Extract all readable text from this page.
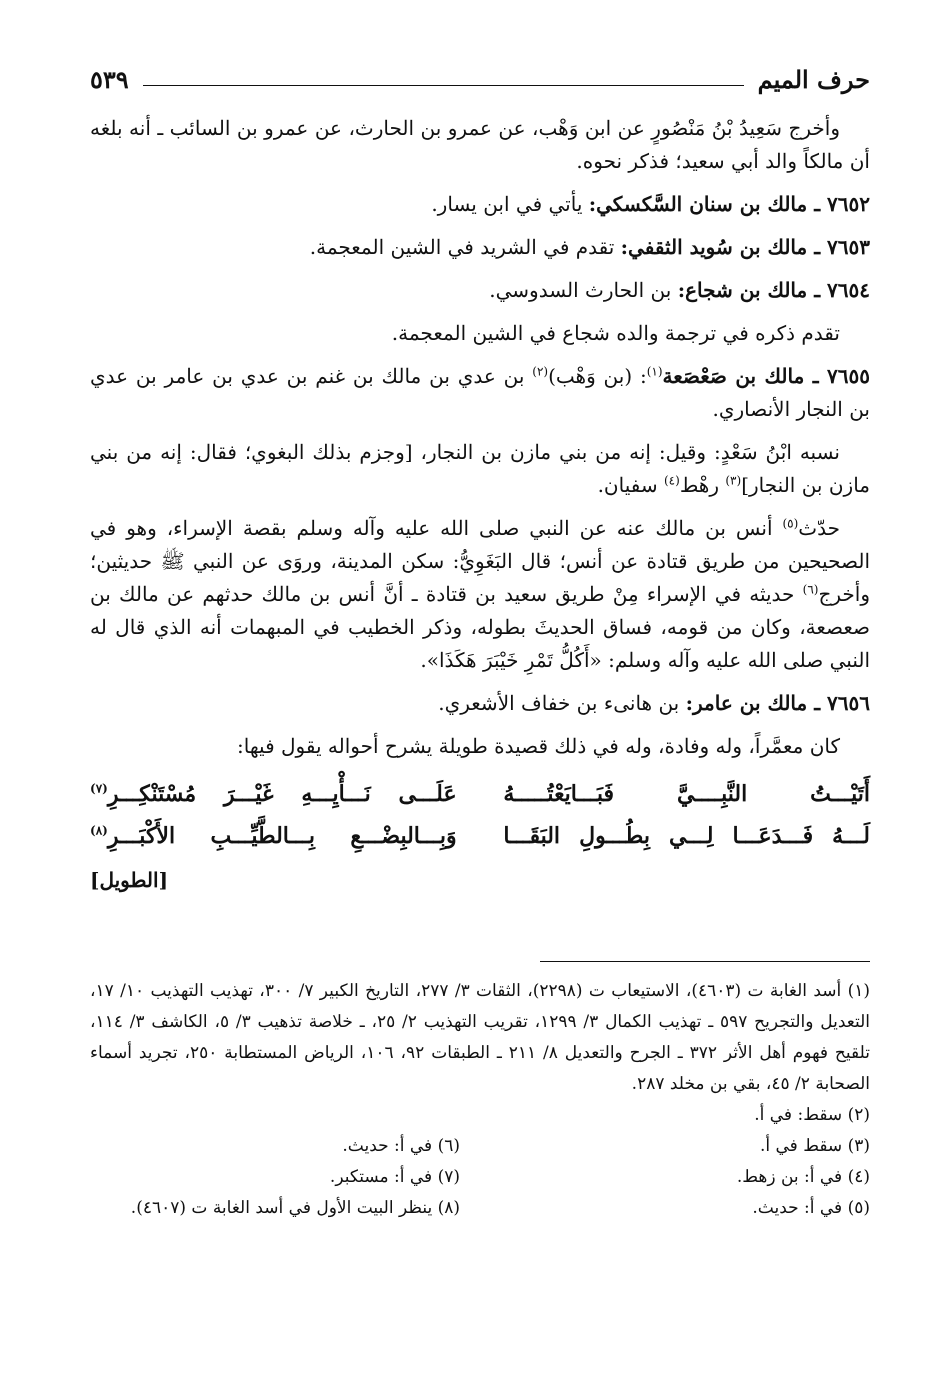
حرف الميم
٥٣٩

وأخرج سَعِيدُ بْنُ مَنْصُورٍ عن ابن وَهْب، عن عمرو بن الحارث، عن عمرو بن السائب ـ أنه بلغه أن مالكاً والد أبي سعيد؛ فذكر نحوه.

٧٦٥٢ ـ مالك بن سنان السَّكسكي: يأتي في ابن يسار.

٧٦٥٣ ـ مالك بن سُويد الثقفي: تقدم في الشريد في الشين المعجمة.

٧٦٥٤ ـ مالك بن شجاع: بن الحارث السدوسي.

تقدم ذكره في ترجمة والده شجاع في الشين المعجمة.

٧٦٥٥ ـ مالك بن صَعْصَعة$^{(١)}$: (بن وَهْب)$^{(٢)}$ بن عدي بن مالك بن غنم بن عدي بن عامر بن عدي بن النجار الأنصاري.

نسبه ابْنُ سَعْدٍ: وقيل: إنه من بني مازن بن النجار، [وجزم بذلك البغوي؛ فقال: إنه من بني مازن بن النجار]$^{(٣)}$ رهْط$^{(٤)}$ سفيان.

حدّث$^{(٥)}$ أنس بن مالك عنه عن النبي صلى الله عليه وآله وسلم بقصة الإسراء، وهو في الصحيحين من طريق قتادة عن أنس؛ قال البَغَوِيُّ: سكن المدينة، وروَى عن النبي ﷺ حديثين؛ وأخرج$^{(٦)}$ حديثه في الإسراء مِنْ طريق سعيد بن قتادة ـ أنَّ أنس بن مالك حدثهم عن مالك بن صعصعة، وكان من قومه، فساق الحديثَ بطوله، وذكر الخطيب في المبهمات أنه الذي قال له النبي صلى الله عليه وآله وسلم: «أَكُلُّ تَمْرِ خَيْبَرَ هَكَذَا».

٧٦٥٦ ـ مالك بن عامر: بن هانىء بن خفاف الأشعري.

كان معمَّراً، وله وفادة، وله في ذلك قصيدة طويلة يشرح أحواله يقول فيها:

أَتَيْـــتُ النَّبِــــيَّ فَبَـــايَعْتُـــــهُ
عَلَـــى نَـــأْيِـــهِ غَيْـــرَ مُسْتَنْكِـــرِ$^{(٧)}$
لَـــهُ فَـــدَعَـــا لِـــي بِطُـــولِ البَقَـــا
وَبِـــالبِضْـــعِ بِـــالطَّيِّـــبِ الأَكْبَـــرِ$^{(٨)}$
[الطويل]

(١) أسد الغابة ت (٤٦٠٣)، الاستيعاب ت (٢٢٩٨)، الثقات ٣/ ٢٧٧، التاريخ الكبير ٧/ ٣٠٠، تهذيب التهذيب ١٠/ ١٧، التعديل والتجريح ٥٩٧ ـ تهذيب الكمال ٣/ ١٢٩٩، تقريب التهذيب ٢/ ٢٥، ـ خلاصة تذهيب ٣/ ٥، الكاشف ٣/ ١١٤، تلقيح فهوم أهل الأثر ٣٧٢ ـ الجرح والتعديل ٨/ ٢١١ ـ الطبقات ٩٢، ١٠٦، الرياض المستطابة ٢٥٠، تجريد أسماء الصحابة ٢/ ٤٥، بقي بن مخلد ٢٨٧.

(٢) سقط: في أ.

(٣) سقط في أ.
(٦) في أ: حديث.
(٤) في أ: بن زهط.
(٧) في أ: مستكبر.
(٥) في أ: حديث.
(٨) ينظر البيت الأول في أسد الغابة ت (٤٦٠٧).
